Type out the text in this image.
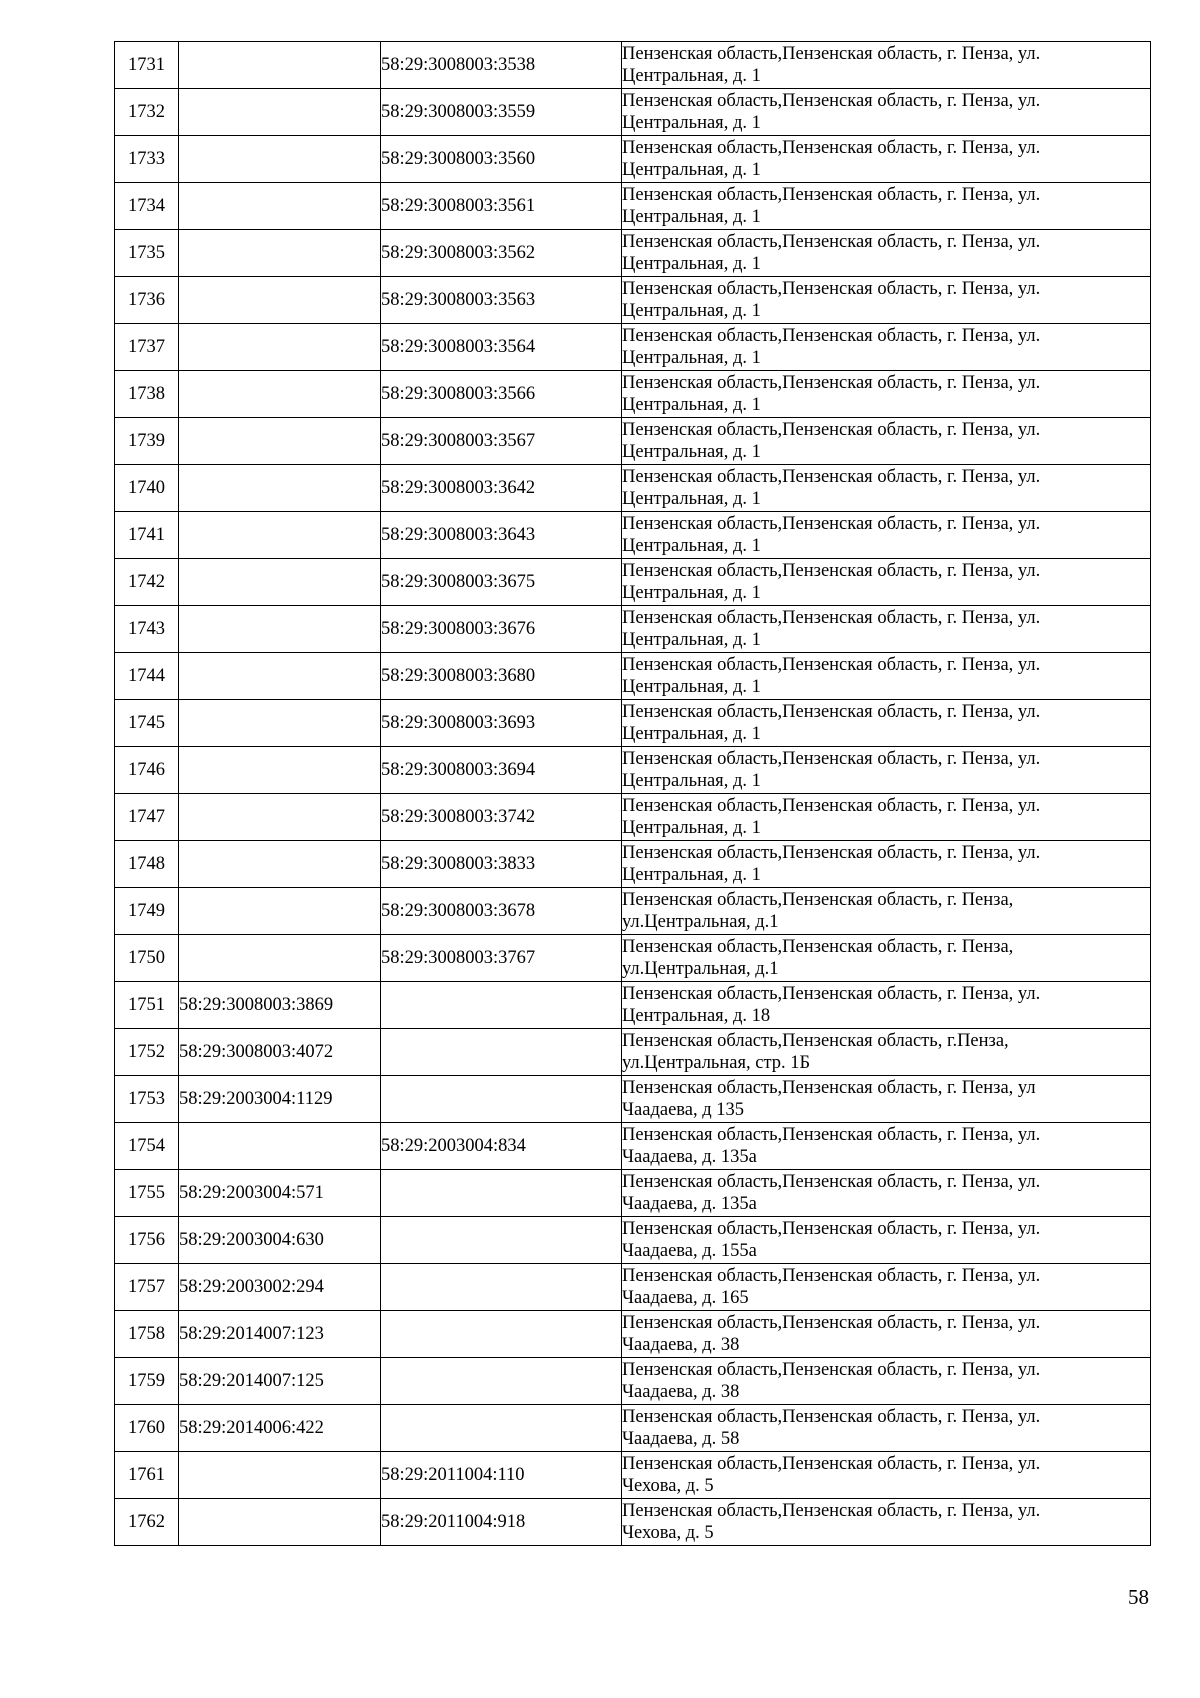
1731		58:29:3008003:3538	Пензенская область,Пензенская область, г. Пенза, ул.
Центральная, д. 1

1732		58:29:3008003:3559	Пензенская область,Пензенская область, г. Пенза, ул.
Центральная, д. 1

1733		58:29:3008003:3560	Пензенская область,Пензенская область, г. Пенза, ул.
Центральная, д. 1

1734		58:29:3008003:3561	Пензенская область,Пензенская область, г. Пенза, ул.
Центральная, д. 1

1735		58:29:3008003:3562	Пензенская область,Пензенская область, г. Пенза, ул.
Центральная, д. 1

1736		58:29:3008003:3563	Пензенская область,Пензенская область, г. Пенза, ул.
Центральная, д. 1

1737		58:29:3008003:3564	Пензенская область,Пензенская область, г. Пенза, ул.
Центральная, д. 1

1738		58:29:3008003:3566	Пензенская область,Пензенская область, г. Пенза, ул.
Центральная, д. 1

1739		58:29:3008003:3567	Пензенская область,Пензенская область, г. Пенза, ул.
Центральная, д. 1

1740		58:29:3008003:3642	Пензенская область,Пензенская область, г. Пенза, ул.
Центральная, д. 1

1741		58:29:3008003:3643	Пензенская область,Пензенская область, г. Пенза, ул.
Центральная, д. 1

1742		58:29:3008003:3675	Пензенская область,Пензенская область, г. Пенза, ул.
Центральная, д. 1

1743		58:29:3008003:3676	Пензенская область,Пензенская область, г. Пенза, ул.
Центральная, д. 1

1744		58:29:3008003:3680	Пензенская область,Пензенская область, г. Пенза, ул.
Центральная, д. 1

1745		58:29:3008003:3693	Пензенская область,Пензенская область, г. Пенза, ул.
Центральная, д. 1

1746		58:29:3008003:3694	Пензенская область,Пензенская область, г. Пенза, ул.
Центральная, д. 1

1747		58:29:3008003:3742	Пензенская область,Пензенская область, г. Пенза, ул.
Центральная, д. 1

1748		58:29:3008003:3833	Пензенская область,Пензенская область, г. Пенза, ул.
Центральная, д. 1

1749		58:29:3008003:3678	Пензенская область,Пензенская область, г. Пенза,
ул.Центральная, д.1

1750		58:29:3008003:3767	Пензенская область,Пензенская область, г. Пенза,
ул.Центральная, д.1

1751	58:29:3008003:3869		Пензенская область,Пензенская область, г. Пенза, ул.
Центральная, д. 18

1752	58:29:3008003:4072		Пензенская область,Пензенская область, г.Пенза,
ул.Центральная, стр. 1Б

1753	58:29:2003004:1129		Пензенская область,Пензенская область, г. Пенза, ул
Чаадаева, д 135

1754		58:29:2003004:834	Пензенская область,Пензенская область, г. Пенза, ул.
Чаадаева, д. 135а

1755	58:29:2003004:571		Пензенская область,Пензенская область, г. Пенза, ул.
Чаадаева, д. 135а

1756	58:29:2003004:630		Пензенская область,Пензенская область, г. Пенза, ул.
Чаадаева, д. 155а

1757	58:29:2003002:294		Пензенская область,Пензенская область, г. Пенза, ул.
Чаадаева, д. 165

1758	58:29:2014007:123		Пензенская область,Пензенская область, г. Пенза, ул.
Чаадаева, д. 38

1759	58:29:2014007:125		Пензенская область,Пензенская область, г. Пенза, ул.
Чаадаева, д. 38

1760	58:29:2014006:422		Пензенская область,Пензенская область, г. Пенза, ул.
Чаадаева, д. 58

1761		58:29:2011004:110	Пензенская область,Пензенская область, г. Пенза, ул.
Чехова, д. 5

1762		58:29:2011004:918	Пензенская область,Пензенская область, г. Пенза, ул.
Чехова, д. 5
58
